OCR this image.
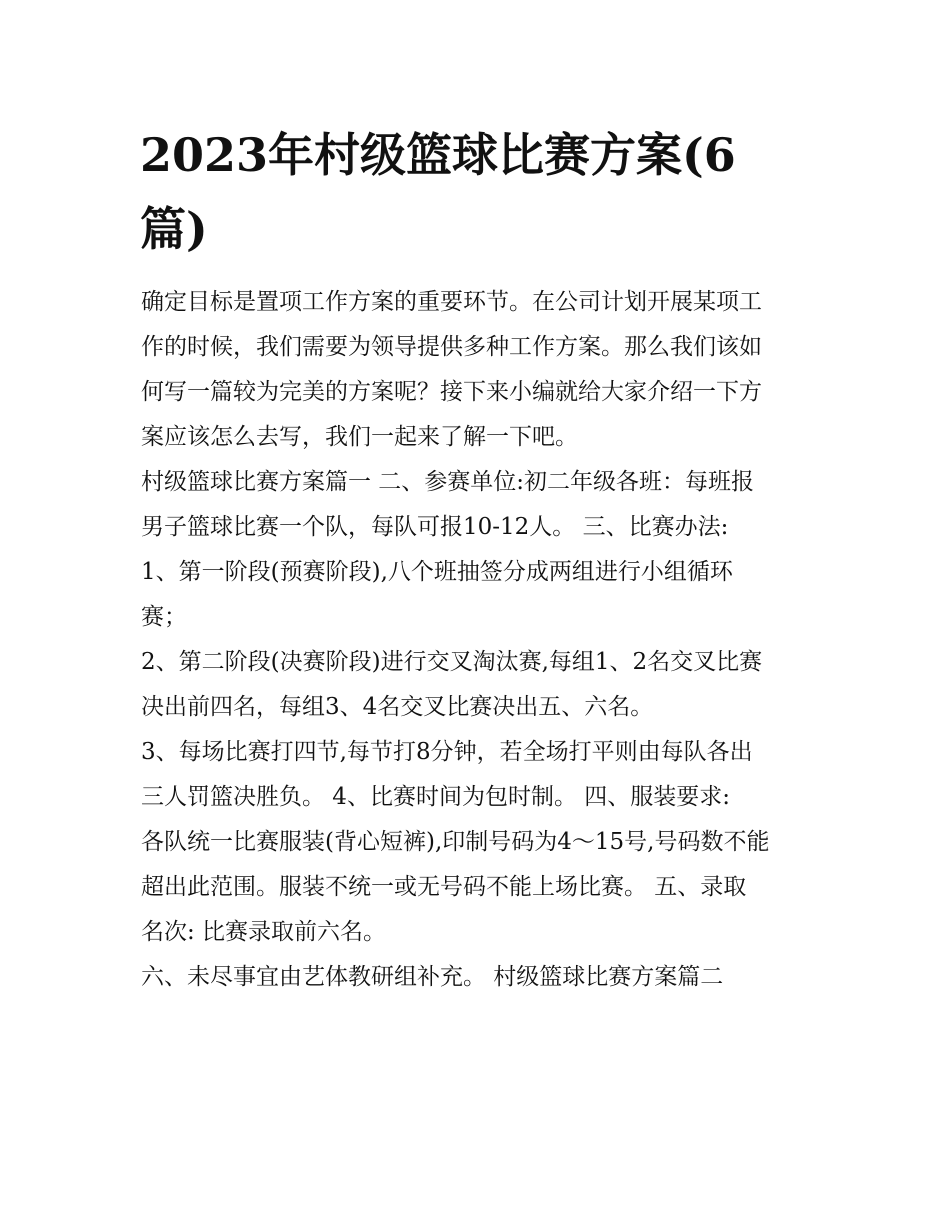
2023年村级篮球比赛方案(6
篇)
确定目标是置项工作方案的重要环节。在公司计划开展某项工
作的时候，我们需要为领导提供多种工作方案。那么我们该如
何写一篇较为完美的方案呢？接下来小编就给大家介绍一下方
案应该怎么去写，我们一起来了解一下吧。
村级篮球比赛方案篇一 二、参赛单位:初二年级各班：每班报
男子篮球比赛一个队，每队可报10-12人。 三、比赛办法:
1、第一阶段(预赛阶段),八个班抽签分成两组进行小组循环
赛；
2、第二阶段(决赛阶段)进行交叉淘汰赛,每组1、2名交叉比赛
决出前四名，每组3、4名交叉比赛决出五、六名。
3、每场比赛打四节,每节打8分钟，若全场打平则由每队各出
三人罚篮决胜负。 4、比赛时间为包时制。 四、服装要求:
各队统一比赛服装(背心短裤),印制号码为4～15号,号码数不能
超出此范围。服装不统一或无号码不能上场比赛。 五、录取
名次: 比赛录取前六名。
六、未尽事宜由艺体教研组补充。 村级篮球比赛方案篇二
